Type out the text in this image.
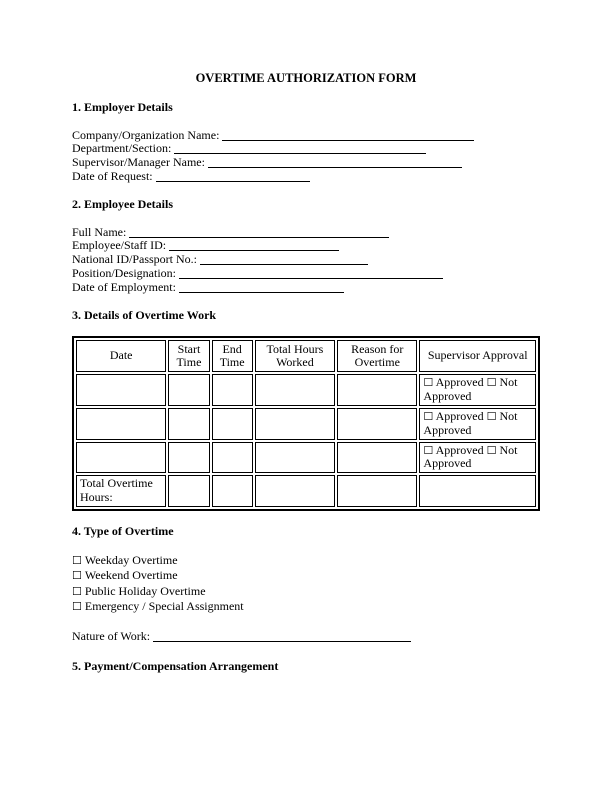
OVERTIME AUTHORIZATION FORM
1. Employer Details
Company/Organization Name:
Department/Section:
Supervisor/Manager Name:
Date of Request:
2. Employee Details
Full Name:
Employee/Staff ID:
National ID/Passport No.:
Position/Designation:
Date of Employment:
3. Details of Overtime Work
Date	Start Time	End Time	Total Hours Worked	Reason for Overtime	Supervisor Approval
					☐ Approved ☐ Not Approved
					☐ Approved ☐ Not Approved
					☐ Approved ☐ Not Approved
Total Overtime Hours:					
4. Type of Overtime
☐ Weekday Overtime
☐ Weekend Overtime
☐ Public Holiday Overtime
☐ Emergency / Special Assignment
Nature of Work:
5. Payment/Compensation Arrangement
